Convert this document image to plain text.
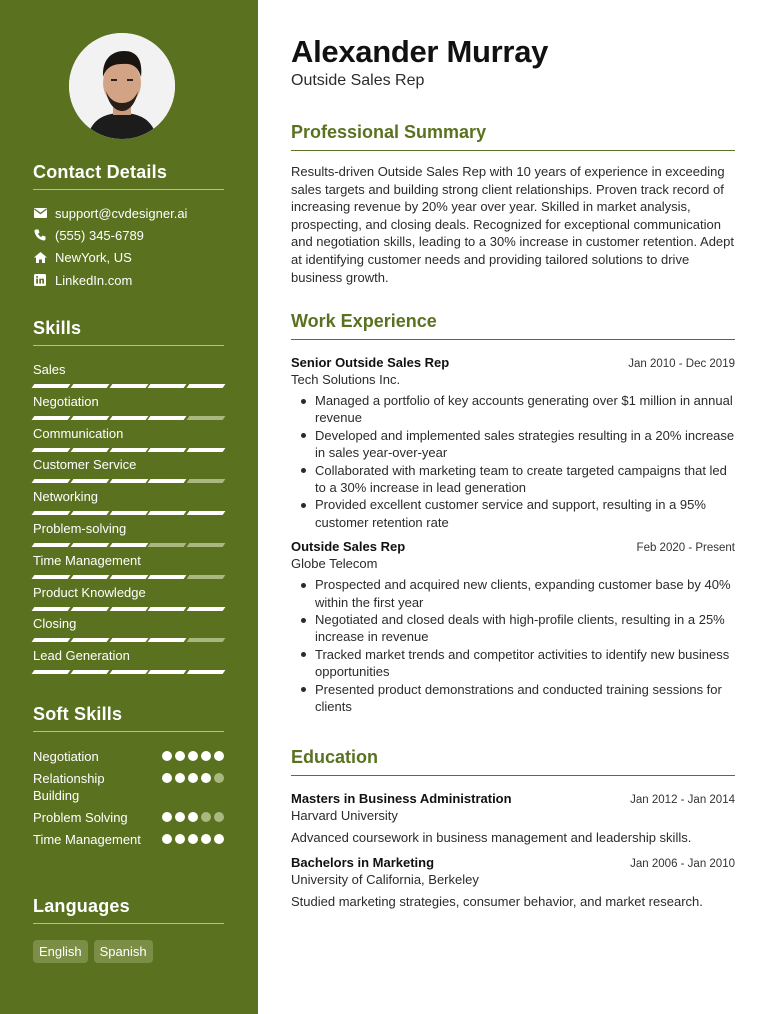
Contact Details
support@cvdesigner.ai
(555) 345-6789
NewYork, US
LinkedIn.com
Skills
Sales
Negotiation
Communication
Customer Service
Networking
Problem-solving
Time Management
Product Knowledge
Closing
Lead Generation
Soft Skills
Negotiation
Relationship Building
Problem Solving
Time Management
Languages
English	Spanish
Alexander Murray
Outside Sales Rep
Professional Summary

Results-driven Outside Sales Rep with 10 years of experience in exceeding sales targets and building strong client relationships. Proven track record of increasing revenue by 20% year over year. Skilled in market analysis, prospecting, and closing deals. Recognized for exceptional communication and negotiation skills, leading to a 30% increase in customer retention. Adept at identifying customer needs and providing tailored solutions to drive business growth.

Work Experience
Senior Outside Sales Rep	Jan 2010 - Dec 2019
Tech Solutions Inc.
Managed a portfolio of key accounts generating over $1 million in annual revenue
Developed and implemented sales strategies resulting in a 20% increase in sales year-over-year
Collaborated with marketing team to create targeted campaigns that led to a 30% increase in lead generation
Provided excellent customer service and support, resulting in a 95% customer retention rate
Outside Sales Rep	Feb 2020 - Present
Globe Telecom
Prospected and acquired new clients, expanding customer base by 40% within the first year
Negotiated and closed deals with high-profile clients, resulting in a 25% increase in revenue
Tracked market trends and competitor activities to identify new business opportunities
Presented product demonstrations and conducted training sessions for clients
Education
Masters in Business Administration	Jan 2012 - Jan 2014
Harvard University
Advanced coursework in business management and leadership skills.
Bachelors in Marketing	Jan 2006 - Jan 2010
University of California, Berkeley
Studied marketing strategies, consumer behavior, and market research.
